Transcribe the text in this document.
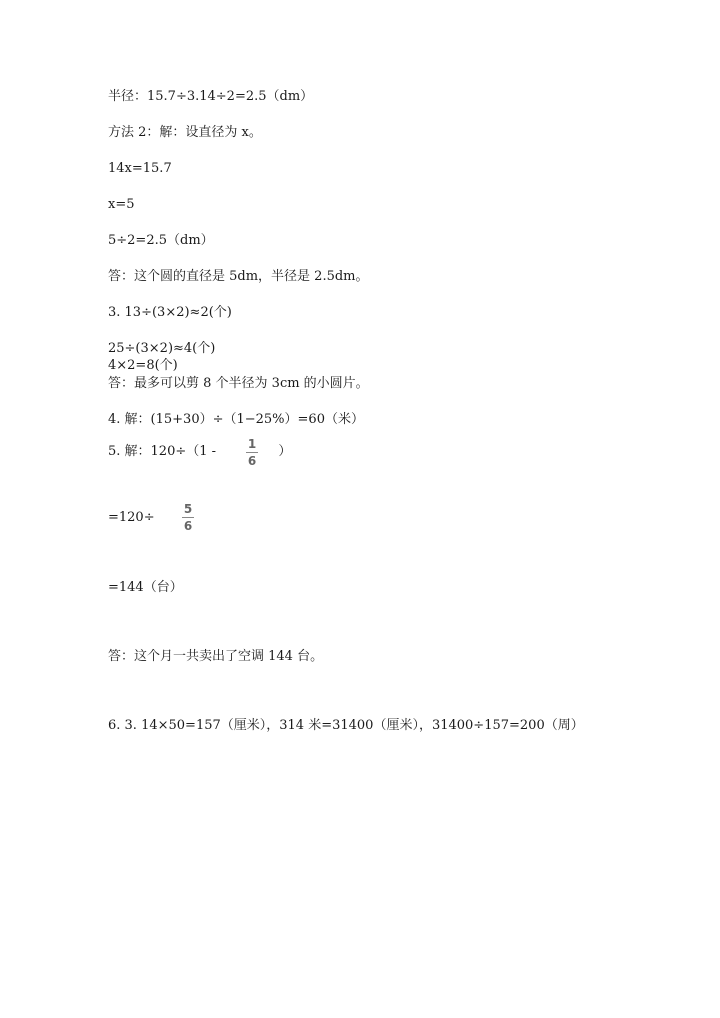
半径：15.7÷3.14÷2=2.5（dm）
方法 2：解：设直径为 x。
14x=15.7
x=5
5÷2=2.5（dm）
答：这个圆的直径是 5dm，半径是 2.5dm。
3. 13÷(3×2)≈2(个)
25÷(3×2)≈4(个)
4×2=8(个)
答：最多可以剪 8 个半径为 3cm 的小圆片。
4. 解：(15+30）÷（1−25%）=60（米）
5. 解：120÷（1 -	）
1
6
=120÷
5
6
=144（台）
答：这个月一共卖出了空调 144 台。
6. 3. 14×50=157（厘米），314 米=31400（厘米），31400÷157=200（周）
